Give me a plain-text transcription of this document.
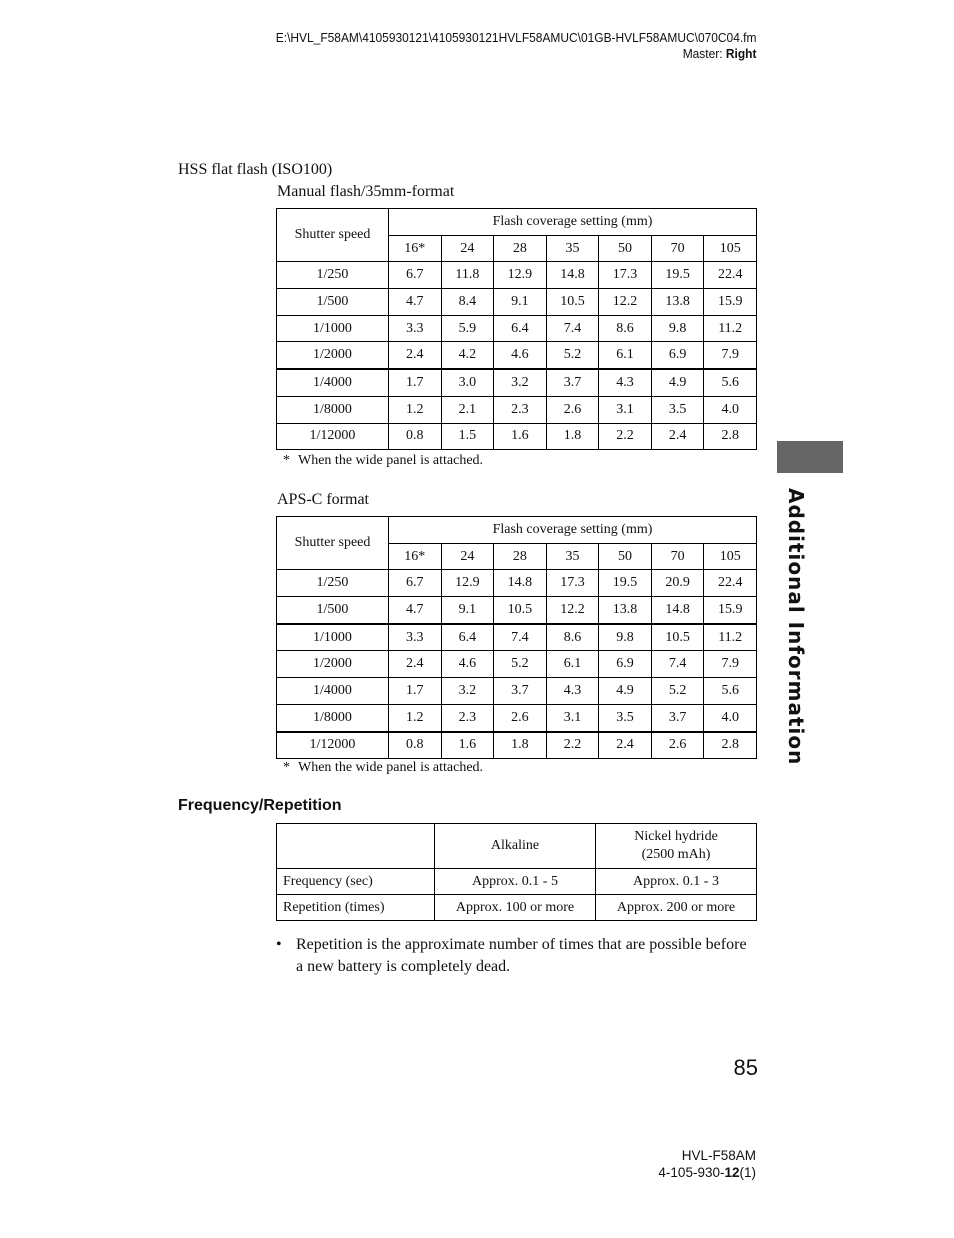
E:\HVL_F58AM\4105930121\4105930121HVLF58AMUC\01GB-HVLF58AMUC\070C04.fm
Master: Right
HSS flat flash (ISO100)
Manual flash/35mm-format
Shutter speed	Flash coverage setting (mm)						
	16*	24	28	35	50	70	105
1/250	6.7	11.8	12.9	14.8	17.3	19.5	22.4
1/500	4.7	8.4	9.1	10.5	12.2	13.8	15.9
1/1000	3.3	5.9	6.4	7.4	8.6	9.8	11.2
1/2000	2.4	4.2	4.6	5.2	6.1	6.9	7.9
1/4000	1.7	3.0	3.2	3.7	4.3	4.9	5.6
1/8000	1.2	2.1	2.3	2.6	3.1	3.5	4.0
1/12000	0.8	1.5	1.6	1.8	2.2	2.4	2.8
* When the wide panel is attached.
APS-C format
Shutter speed	Flash coverage setting (mm)						
	16*	24	28	35	50	70	105
1/250	6.7	12.9	14.8	17.3	19.5	20.9	22.4
1/500	4.7	9.1	10.5	12.2	13.8	14.8	15.9
1/1000	3.3	6.4	7.4	8.6	9.8	10.5	11.2
1/2000	2.4	4.6	5.2	6.1	6.9	7.4	7.9
1/4000	1.7	3.2	3.7	4.3	4.9	5.2	5.6
1/8000	1.2	2.3	2.6	3.1	3.5	3.7	4.0
1/12000	0.8	1.6	1.8	2.2	2.4	2.6	2.8
* When the wide panel is attached.
Frequency/Repetition
	Alkaline	Nickel hydride
(2500 mAh)

Frequency (sec)	Approx. 0.1 - 5	Approx. 0.1 - 3
Repetition (times)	Approx. 100 or more	Approx. 200 or more
• Repetition is the approximate number of times that are possible before a new battery is completely dead.
Additional Information
85
HVL-F58AM
4-105-930-12(1)
